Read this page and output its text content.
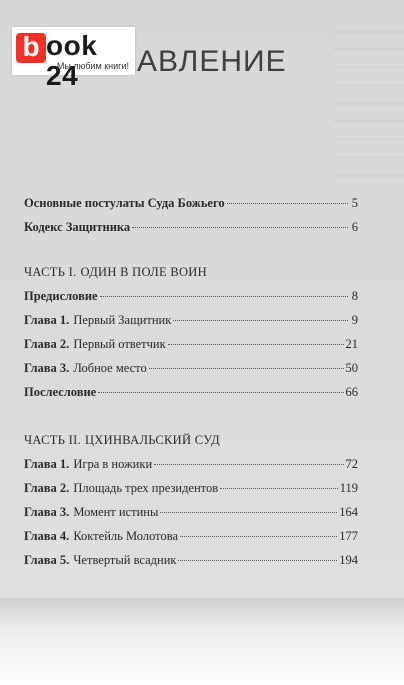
b ook 24
Мы любим книги! АВЛЕНИЕ
Основные постулаты Суда Божьего	5
Кодекс Защитника	6
ЧАСТЬ I. ОДИН В ПОЛЕ ВОИН
Предисловие	8
Глава 1. Первый Защитник	9
Глава 2. Первый ответчик	21
Глава 3. Лобное место	50
Послесловие	66
ЧАСТЬ II. ЦХИНВАЛЬСКИЙ СУД
Глава 1. Игра в ножики	72
Глава 2. Площадь трех президентов	119
Глава 3. Момент истины	164
Глава 4. Коктейль Молотова	177
Глава 5. Четвертый всадник	194
